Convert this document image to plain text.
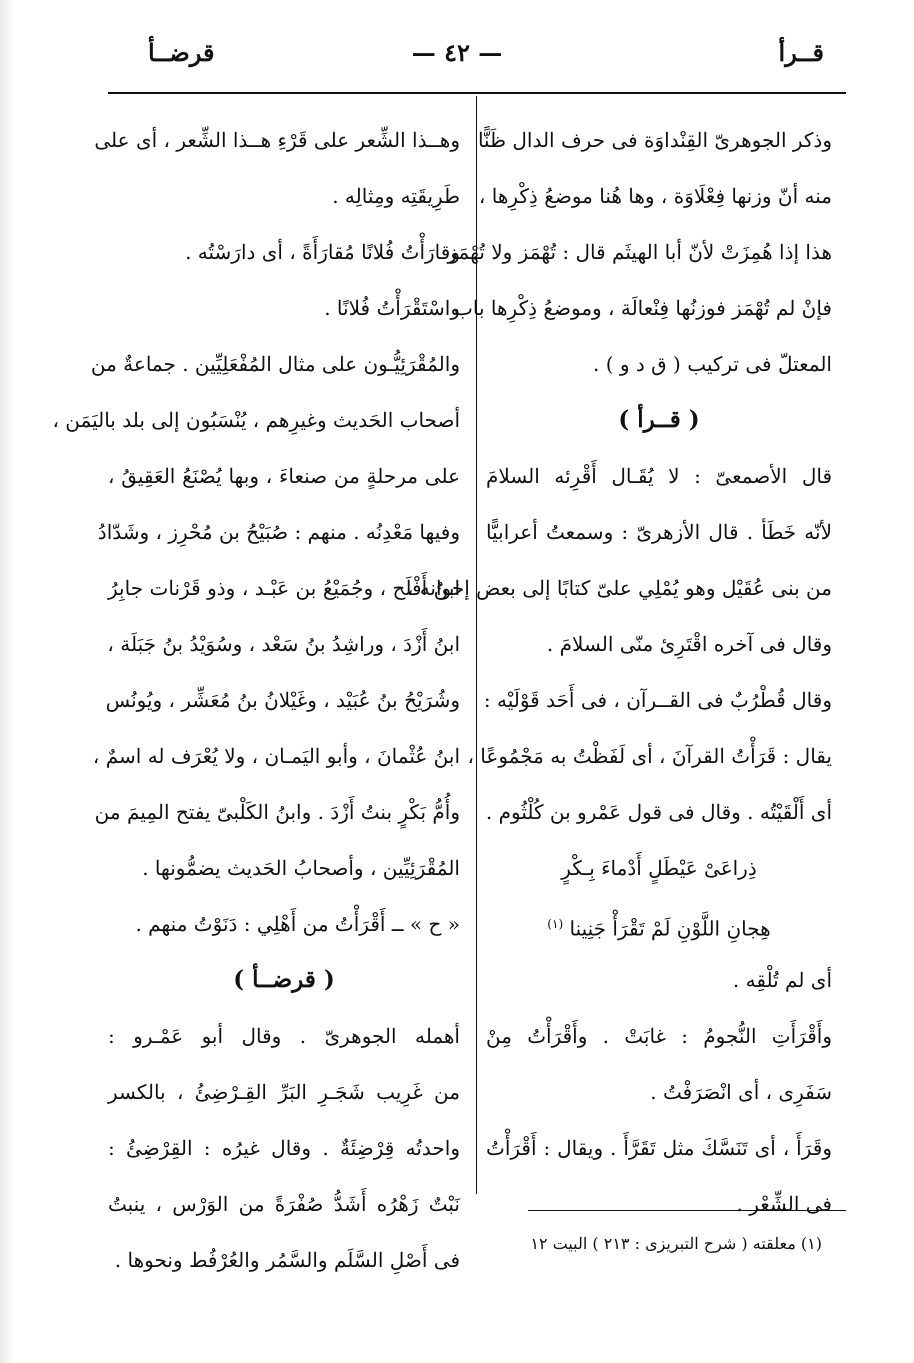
قــرأ
— ٤٢ —
قرضــأ
وذكر الجوهرىّ القِنْداوَة فى حرف الدال ظَنًّا
منه أنّ وزنها فِعْلَاوَة ، وها هُنا موضعُ ذِكْرِها ،
هذا إذا هُمِزَتْ لأنّ أبا الهيثَم قال : تُهْمَز ولا تُهْمَز
فإنْ لم تُهْمَز فوزنُها فِنْعالَة ، وموضعُ ذِكْرِها باب
المعتلّ فى تركيب ( ق د و ) .
( قــرأ )
قال الأصمعىّ : لا يُقَـال أَقْرِئه السلامَ
لأنّه خَطَأ . قال الأزهرىّ : وسمعتُ أعرابيًّا
من بنى عُقَيْل وهو يُمْلِي علىّ كتابًا إلى بعض إخوانه ،
وقال فى آخره اقْتَرِئ منّى السلامَ .
وقال قُطْرُبٌ فى القــرآن ، فى أَحَد قَوْلَيْه :
يقال : قَرَأْتُ القرآنَ ، أى لَفَظْتُ به مَجْمُوعًا ،
أى أَلْقَيْتُه . وقال فى قول عَمْرو بن كُلْثُوم .
ذِراعَىْ عَيْطَلٍ أَدْماءَ بِـكْرٍ
هِجانِ اللَّوْنِ لَمْ تَقْرَأْ جَنِينا $^{(١)}$
أى لم تُلْقِه .
وأَقْرَأَتِ النُّجومُ : غابَتْ . وأَقْرَأْتُ مِنْ
سَفَرِى ، أى انْصَرَفْتُ .
وقَرَأَ ، أى تَنَسَّكَ مثل تَقَرَّأَ . ويقال : أَقْرَأْتُ
فى الشِّعْر .
وهــذا الشِّعر على قَرْءِ هــذا الشِّعر ، أى على
طَرِيقَتِه ومِثالِه .
وقارَأْتُ فُلانًا مُقارَأَةً ، أى دارَسْتُه .
واسْتَقْرَأْتُ فُلانًا .
والمُقْرَئِيُّـون على مثال المُفْعَلِيِّين . جماعةٌ من
أصحاب الحَديث وغيرِهم ، يُنْسَبُون إلى بلد باليَمَن ،
على مرحلةٍ من صنعاءَ ، وبها يُصْنَعُ العَقِيقُ ،
وفيها مَعْدِنُه . منهم : صُبَيْحُ بن مُحْرِز ، وشَدّادُ
ابنُ أَفْلَح ، وجُمَيْعُ بن عَبْـد ، وذو قَرْنات جابِرُ
ابنُ أَزْدَ ، وراشِدُ بنُ سَعْد ، وسُوَيْدُ بنُ جَبَلَة ،
وشُرَيْحُ بنُ عُبَيْد ، وغَيْلانُ بنُ مُعَشِّر ، ويُونُس
ابنُ عُثْمانَ ، وأبو اليَمـان ، ولا يُعْرَف له اسمٌ ،
وأُمُّ بَكْرٍ بنتُ أَزْدَ . وابنُ الكَلْبىّ يفتح المِيمَ من
المُقْرَئِيِّين ، وأصحابُ الحَديث يضمُّونها .
« ح » ــ أَقْرَأْتُ من أَهْلِي : دَنَوْتُ منهم .
( قرضــأ )
أهمله الجوهرىّ . وقال أبو عَمْـرو :
من غَرِيب شَجَـرِ البَرِّ القِـرْضِئُ ، بالكسر
واحدتُه قِرْضِئَةٌ . وقال غيرُه : القِرْضِئُ :
نَبْتٌ زَهْرُه أَشَدُّ صُفْرَةً من الوَرْس ، ينبتُ
فى أَصْلِ السَّلَم والسَّمُر والعُرْفُط ونحوها .
(١) معلقته ( شرح التبريزى : ٢١٣ ) البيت ١٢
